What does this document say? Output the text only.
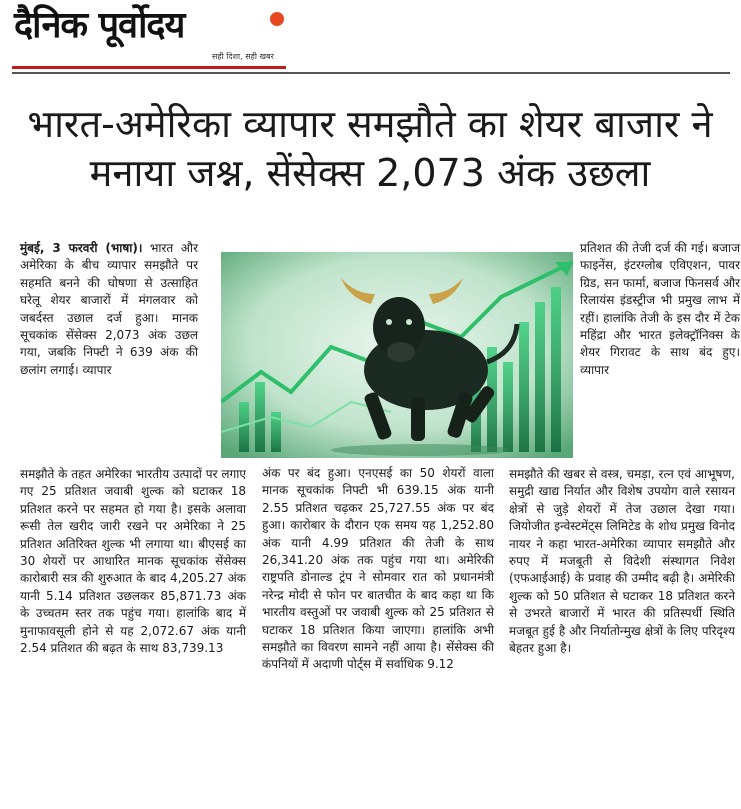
दैनिक पूर्वोदय
सही दिशा, सही खबर
भारत-अमेरिका व्यापार समझौते का शेयर बाजार ने मनाया जश्न, सेंसेक्स 2,073 अंक उछला

मुंबई, 3 फरवरी (भाषा)। भारत और अमेरिका के बीच व्यापार समझौते पर सहमति बनने की घोषणा से उत्साहित घरेलू शेयर बाजारों में मंगलवार को जबर्दस्त उछाल दर्ज हुआ। मानक सूचकांक सेंसेक्स 2,073 अंक उछल गया, जबकि निफ्टी ने 639 अंक की छलांग लगाई। व्यापार

समझौते के तहत अमेरिका भारतीय उत्पादों पर लगाए गए 25 प्रतिशत जवाबी शुल्क को घटाकर 18 प्रतिशत करने पर सहमत हो गया है। इसके अलावा रूसी तेल खरीद जारी रखने पर अमेरिका ने 25 प्रतिशत अतिरिक्त शुल्क भी लगाया था। बीएसई का 30 शेयरों पर आधारित मानक सूचकांक सेंसेक्स कारोबारी सत्र की शुरुआत के बाद 4,205.27 अंक यानी 5.14 प्रतिशत उछलकर 85,871.73 अंक के उच्चतम स्तर तक पहुंच गया। हालांकि बाद में मुनाफावसूली होने से यह 2,072.67 अंक यानी 2.54 प्रतिशत की बढ़त के साथ 83,739.13

अंक पर बंद हुआ। एनएसई का 50 शेयरों वाला मानक सूचकांक निफ्टी भी 639.15 अंक यानी 2.55 प्रतिशत चढ़कर 25,727.55 अंक पर बंद हुआ। कारोबार के दौरान एक समय यह 1,252.80 अंक यानी 4.99 प्रतिशत की तेजी के साथ 26,341.20 अंक तक पहुंच गया था। अमेरिकी राष्ट्रपति डोनाल्ड ट्रंप ने सोमवार रात को प्रधानमंत्री नरेन्द्र मोदी से फोन पर बातचीत के बाद कहा था कि भारतीय वस्तुओं पर जवाबी शुल्क को 25 प्रतिशत से घटाकर 18 प्रतिशत किया जाएगा। हालांकि अभी समझौते का विवरण सामने नहीं आया है। सेंसेक्स की कंपनियों में अदाणी पोर्ट्स में सर्वाधिक 9.12

प्रतिशत की तेजी दर्ज की गई। बजाज फाइनेंस, इंटरग्लोब एविएशन, पावर ग्रिड, सन फार्मा, बजाज फिनसर्व और रिलायंस इंडस्ट्रीज भी प्रमुख लाभ में रहीं। हालांकि तेजी के इस दौर में टेक महिंद्रा और भारत इलेक्ट्रॉनिक्स के शेयर गिरावट के साथ बंद हुए। व्यापार

समझौते की खबर से वस्त्र, चमड़ा, रत्न एवं आभूषण, समुद्री खाद्य निर्यात और विशेष उपयोग वाले रसायन क्षेत्रों से जुड़े शेयरों में तेज उछाल देखा गया। जियोजीत इन्वेस्टमेंट्स लिमिटेड के शोध प्रमुख विनोद नायर ने कहा भारत-अमेरिका व्यापार समझौते और रुपए में मजबूती से विदेशी संस्थागत निवेश (एफआईआई) के प्रवाह की उम्मीद बढ़ी है। अमेरिकी शुल्क को 50 प्रतिशत से घटाकर 18 प्रतिशत करने से उभरते बाजारों में भारत की प्रतिस्पर्धी स्थिति मजबूत हुई है और निर्यातोन्मुख क्षेत्रों के लिए परिदृश्य बेहतर हुआ है।
